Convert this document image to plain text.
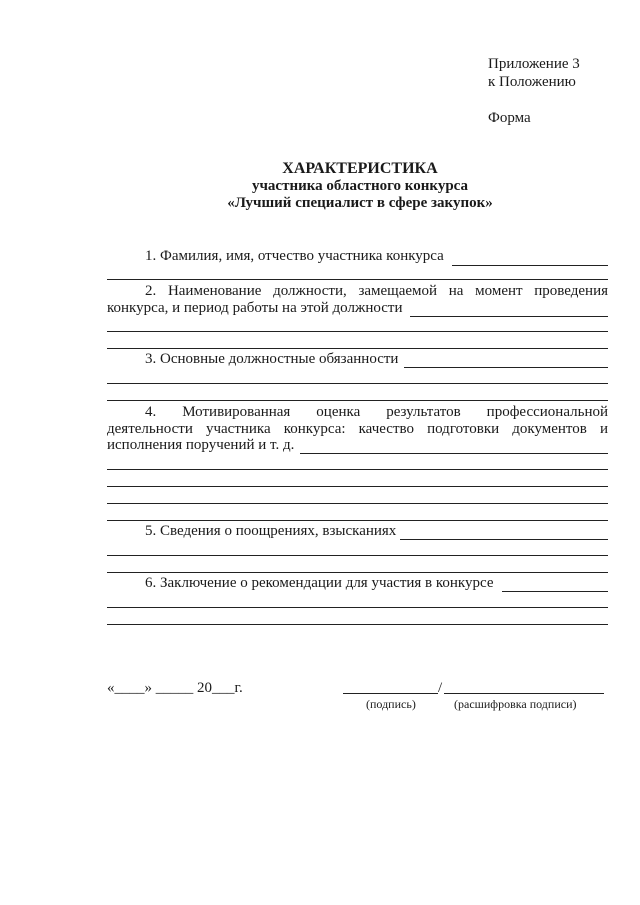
Приложение 3
к Положению
Форма
ХАРАКТЕРИСТИКА
участника областного конкурса
«Лучший специалист в сфере закупок»
1. Фамилия, имя, отчество участника конкурса
2. Наименование должности, замещаемой на момент проведения
конкурса, и период работы на этой должности
3. Основные должностные обязанности
4. Мотивированная оценка результатов профессиональной
деятельности участника конкурса: качество подготовки документов и
исполнения поручений и т. д.
5. Сведения о поощрениях, взысканиях
6. Заключение о рекомендации для участия в конкурсе
«____» _____ 20___г.	/
(подпись)	(расшифровка подписи)
